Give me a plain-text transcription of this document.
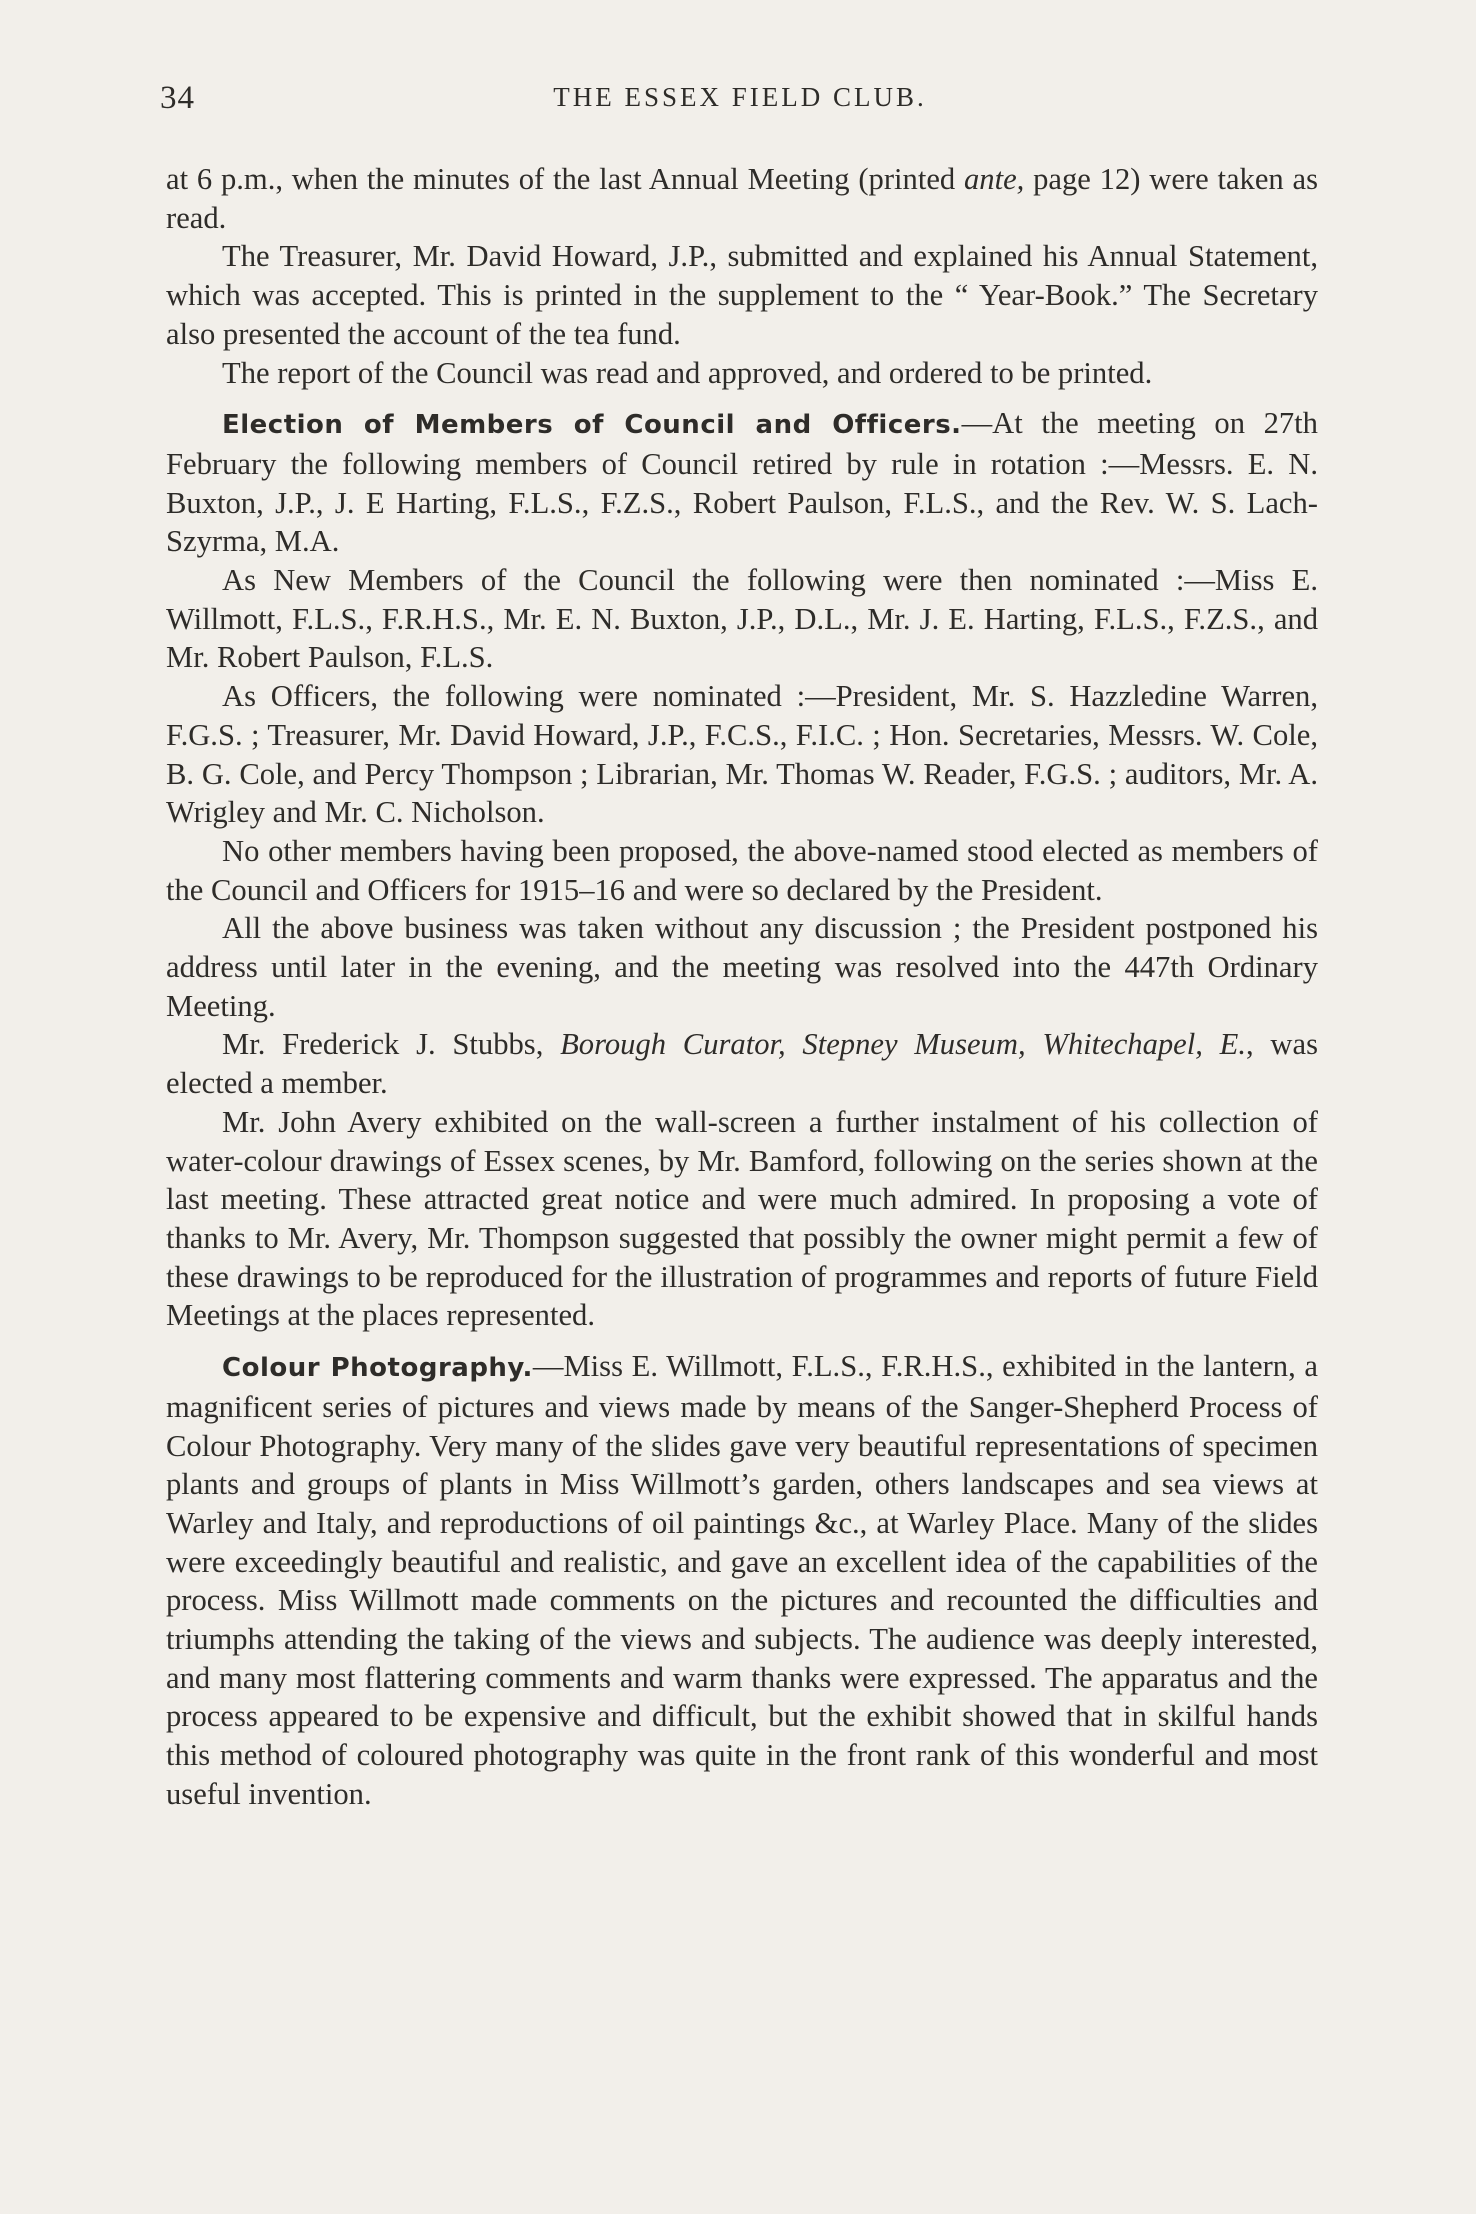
34	THE ESSEX FIELD CLUB.

at 6 p.m., when the minutes of the last Annual Meeting (printed ante, page 12) were taken as read.

The Treasurer, Mr. David Howard, J.P., submitted and explained his Annual Statement, which was accepted. This is printed in the supplement to the “ Year-Book.” The Secretary also presented the account of the tea fund.

The report of the Council was read and approved, and ordered to be printed.

Election of Members of Council and Officers.—At the meeting on 27th February the following members of Council retired by rule in rotation :—Messrs. E. N. Buxton, J.P., J. E Harting, F.L.S., F.Z.S., Robert Paulson, F.L.S., and the Rev. W. S. Lach-Szyrma, M.A.

As New Members of the Council the following were then nominated :—Miss E. Willmott, F.L.S., F.R.H.S., Mr. E. N. Buxton, J.P., D.L., Mr. J. E. Harting, F.L.S., F.Z.S., and Mr. Robert Paulson, F.L.S.

As Officers, the following were nominated :—President, Mr. S. Hazzledine Warren, F.G.S. ; Treasurer, Mr. David Howard, J.P., F.C.S., F.I.C. ; Hon. Secretaries, Messrs. W. Cole, B. G. Cole, and Percy Thompson ; Librarian, Mr. Thomas W. Reader, F.G.S. ; auditors, Mr. A. Wrigley and Mr. C. Nicholson.

No other members having been proposed, the above-named stood elected as members of the Council and Officers for 1915–16 and were so declared by the President.

All the above business was taken without any discussion ; the President postponed his address until later in the evening, and the meeting was resolved into the 447th Ordinary Meeting.

Mr. Frederick J. Stubbs, Borough Curator, Stepney Museum, Whitechapel, E., was elected a member.

Mr. John Avery exhibited on the wall-screen a further instalment of his collection of water-colour drawings of Essex scenes, by Mr. Bamford, following on the series shown at the last meeting. These attracted great notice and were much admired. In proposing a vote of thanks to Mr. Avery, Mr. Thompson suggested that possibly the owner might permit a few of these drawings to be reproduced for the illustration of programmes and reports of future Field Meetings at the places represented.

Colour Photography.—Miss E. Willmott, F.L.S., F.R.H.S., exhibited in the lantern, a magnificent series of pictures and views made by means of the Sanger-Shepherd Process of Colour Photography. Very many of the slides gave very beautiful representations of specimen plants and groups of plants in Miss Willmott’s garden, others landscapes and sea views at Warley and Italy, and reproductions of oil paintings &c., at Warley Place. Many of the slides were exceedingly beautiful and realistic, and gave an excellent idea of the capabilities of the process. Miss Willmott made comments on the pictures and recounted the difficulties and triumphs attending the taking of the views and subjects. The audience was deeply interested, and many most flattering comments and warm thanks were expressed. The apparatus and the process appeared to be expensive and difficult, but the exhibit showed that in skilful hands this method of coloured photography was quite in the front rank of this wonderful and most useful invention.
